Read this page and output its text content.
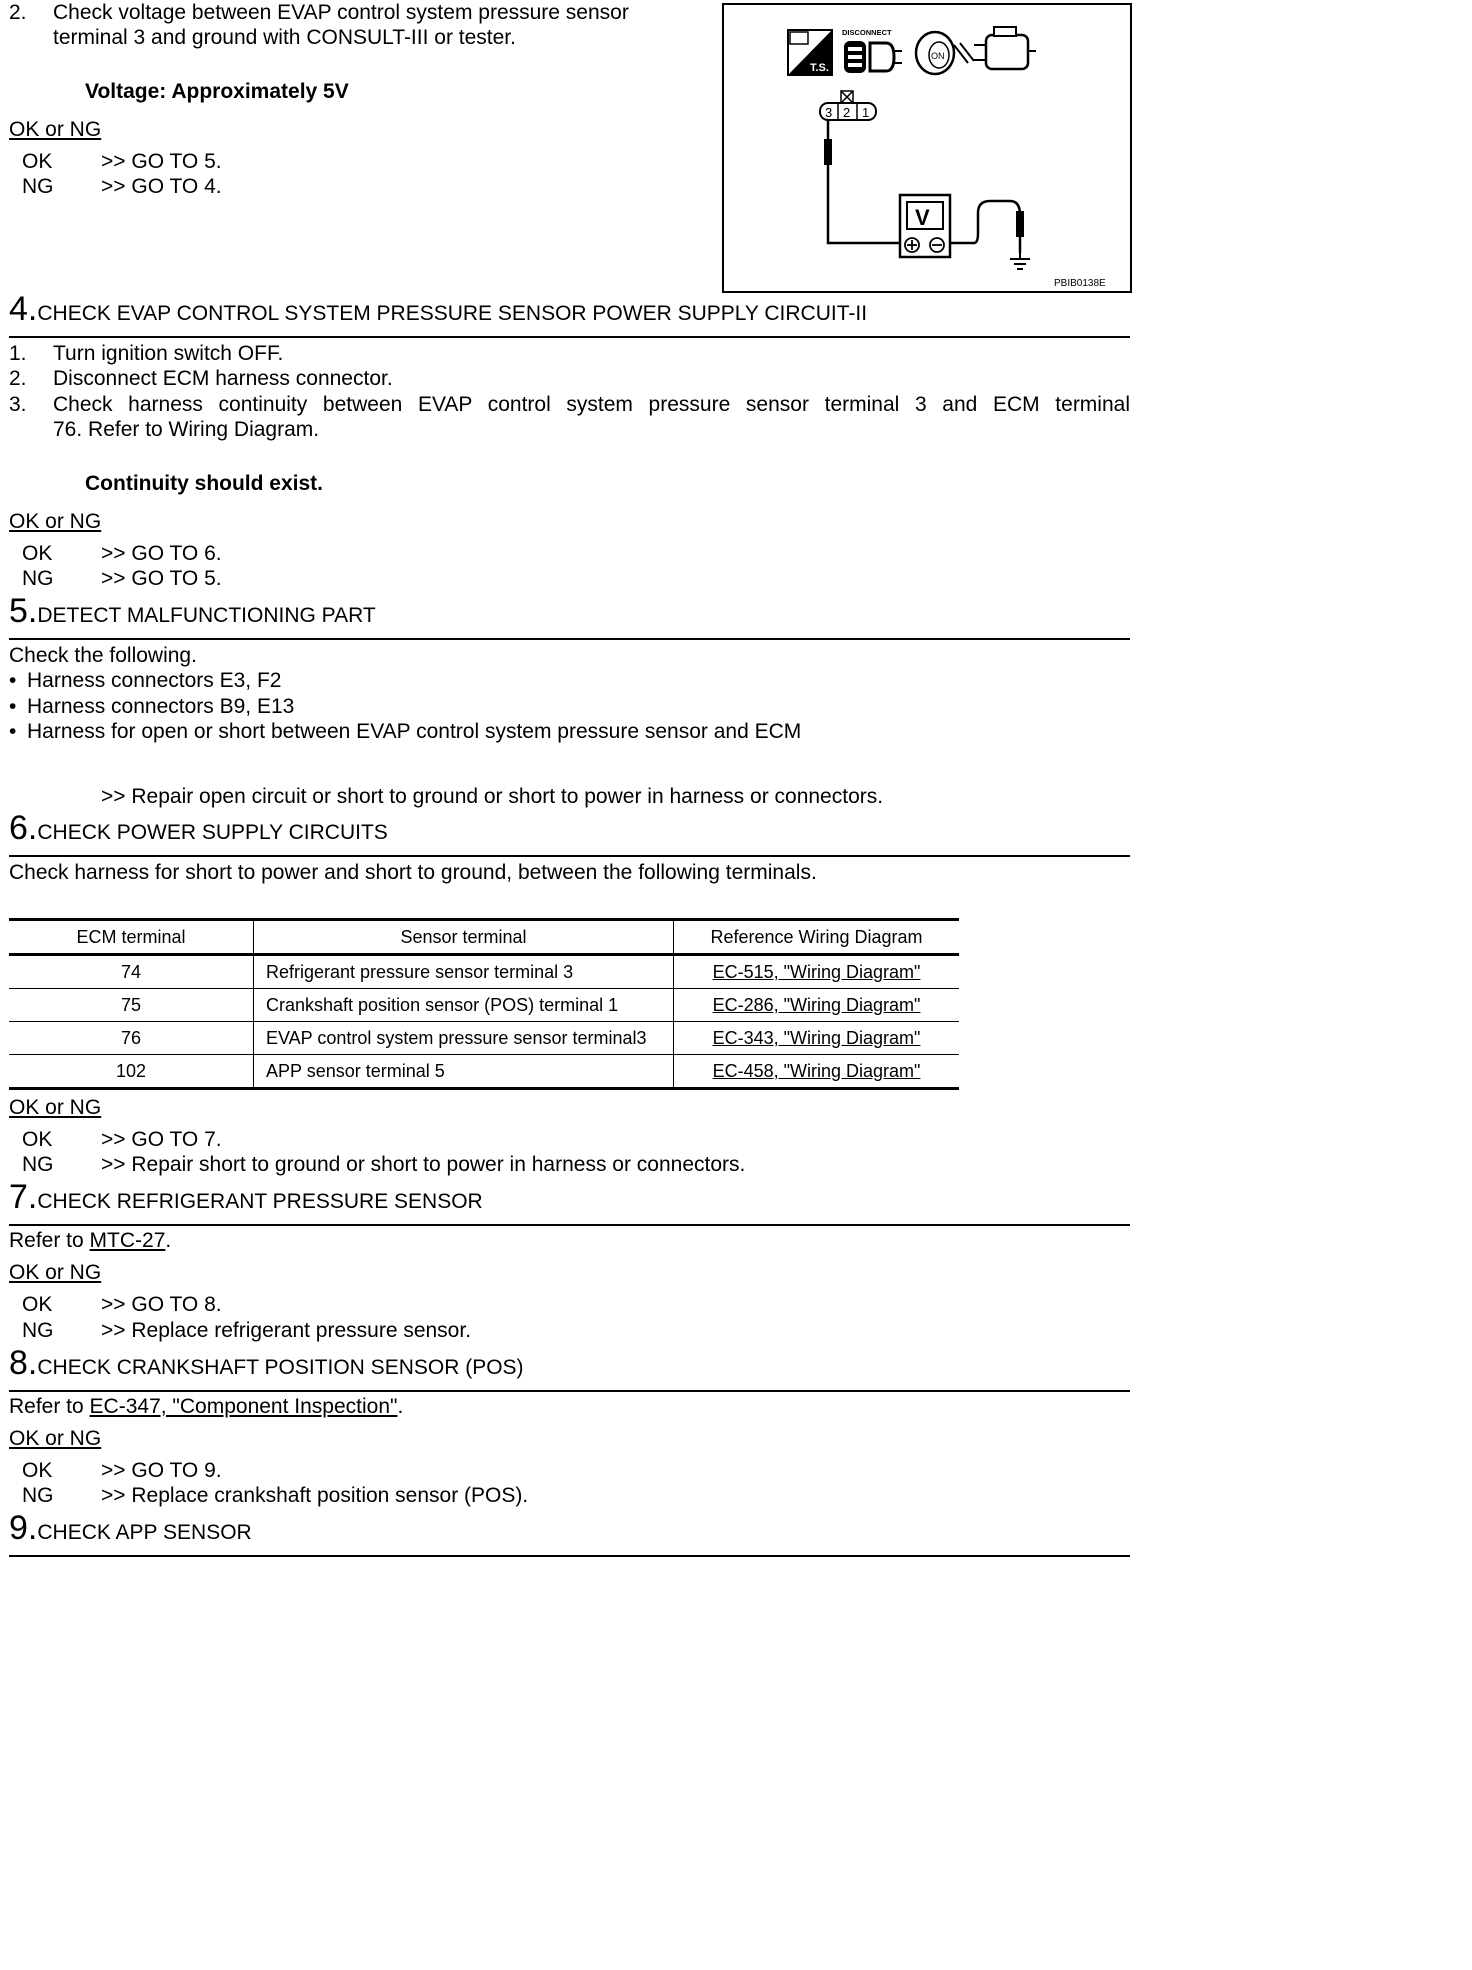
2. Check voltage between EVAP control system pressure sensor
terminal 3 and ground with CONSULT-III or tester.
Voltage: Approximately 5V
OK or NG
OK >> GO TO 5.
NG >> GO TO 4.
T.S.
DISCONNECT
ON
3 2 1
V
PBIB0138E
4.CHECK EVAP CONTROL SYSTEM PRESSURE SENSOR POWER SUPPLY CIRCUIT-II
1. Turn ignition switch OFF.
2. Disconnect ECM harness connector.
3. Check harness continuity between EVAP control system pressure sensor terminal 3 and ECM terminal
76. Refer to Wiring Diagram.
Continuity should exist.
OK or NG
OK >> GO TO 6.
NG >> GO TO 5.
5.DETECT MALFUNCTIONING PART
Check the following.
• Harness connectors E3, F2
• Harness connectors B9, E13
• Harness for open or short between EVAP control system pressure sensor and ECM
>> Repair open circuit or short to ground or short to power in harness or connectors.
6.CHECK POWER SUPPLY CIRCUITS
Check harness for short to power and short to ground, between the following terminals.
ECM terminal	Sensor terminal	Reference Wiring Diagram
74	Refrigerant pressure sensor terminal 3	EC-515, "Wiring Diagram"
75	Crankshaft position sensor (POS) terminal 1	EC-286, "Wiring Diagram"
76	EVAP control system pressure sensor terminal3	EC-343, "Wiring Diagram"
102	APP sensor terminal 5	EC-458, "Wiring Diagram"
OK or NG
OK >> GO TO 7.
NG >> Repair short to ground or short to power in harness or connectors.
7.CHECK REFRIGERANT PRESSURE SENSOR
Refer to MTC-27.
OK or NG
OK >> GO TO 8.
NG >> Replace refrigerant pressure sensor.
8.CHECK CRANKSHAFT POSITION SENSOR (POS)
Refer to EC-347, "Component Inspection".
OK or NG
OK >> GO TO 9.
NG >> Replace crankshaft position sensor (POS).
9.CHECK APP SENSOR
